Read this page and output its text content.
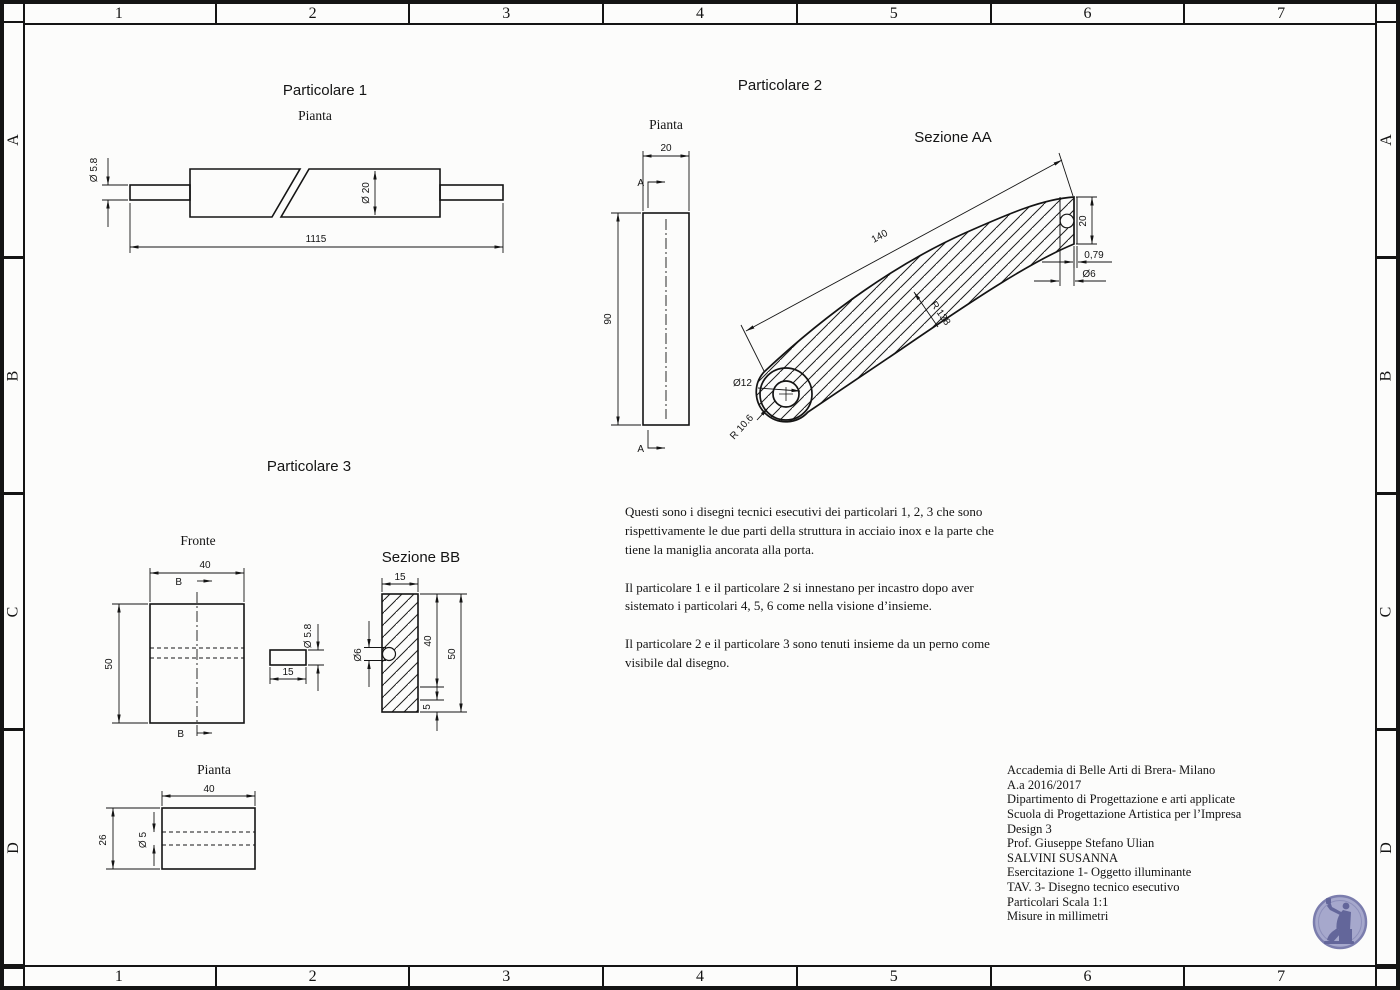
1	2	3	4	5	6	7
1	2	3	4	5	6	7
A
B
C
D
A
B
C
D
Ø 5.8
Ø 20
1115
20
90
A
A
140
20
0,79
Ø6
R 138
Ø12
R 10.6
40
50
B
B
Ø 5.8
15
15
Ø6
40
50
5
40
26	Ø 5
Particolare 1
Pianta
Particolare 2
Pianta
Sezione AA
Particolare 3
Fronte
Sezione BB
Pianta

Questi sono i disegni tecnici esecutivi dei particolari 1, 2, 3 che sono rispettivamente le due parti della struttura in acciaio inox e la parte che tiene la maniglia ancorata alla porta.

Il particolare 1 e il particolare 2 si innestano per incastro dopo aver sistemato i particolari 4, 5, 6 come nella visione d’insieme.

Il particolare 2 e il particolare 3 sono tenuti insieme da un perno come visibile dal disegno.

Accademia di Belle Arti di Brera- Milano
A.a 2016/2017
Dipartimento di Progettazione e arti applicate
Scuola di Progettazione Artistica per l’Impresa
Design 3
Prof. Giuseppe Stefano Ulian
SALVINI SUSANNA
Esercitazione 1- Oggetto illuminante
TAV. 3- Disegno tecnico esecutivo
Particolari Scala 1:1
Misure in millimetri
